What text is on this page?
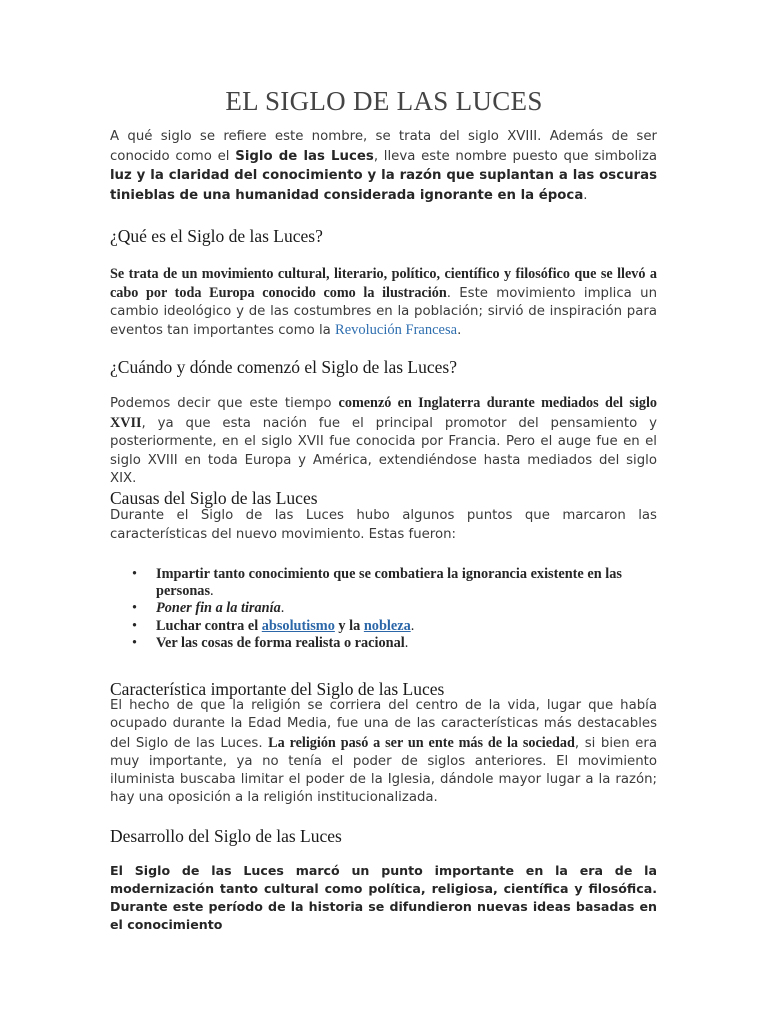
EL SIGLO DE LAS LUCES

A qué siglo se refiere este nombre, se trata del siglo XVIII. Además de ser conocido como el Siglo de las Luces, lleva este nombre puesto que simboliza luz y la claridad del conocimiento y la razón que suplantan a las oscuras tinieblas de una humanidad considerada ignorante en la época.

¿Qué es el Siglo de las Luces?

Se trata de un movimiento cultural, literario, político, científico y filosófico que se llevó a cabo por toda Europa conocido como la ilustración. Este movimiento implica un cambio ideológico y de las costumbres en la población; sirvió de inspiración para eventos tan importantes como la Revolución Francesa.

¿Cuándo y dónde comenzó el Siglo de las Luces?

Podemos decir que este tiempo comenzó en Inglaterra durante mediados del siglo XVII, ya que esta nación fue el principal promotor del pensamiento y posteriormente, en el siglo XVII fue conocida por Francia. Pero el auge fue en el siglo XVIII en toda Europa y América, extendiéndose hasta mediados del siglo XIX.

Causas del Siglo de las Luces

Durante el Siglo de las Luces hubo algunos puntos que marcaron las características del nuevo movimiento. Estas fueron:

• Impartir tanto conocimiento que se combatiera la ignorancia existente en las personas.
• Poner fin a la tiranía.
• Luchar contra el absolutismo y la nobleza.
• Ver las cosas de forma realista o racional.
Característica importante del Siglo de las Luces

El hecho de que la religión se corriera del centro de la vida, lugar que había ocupado durante la Edad Media, fue una de las características más destacables del Siglo de las Luces. La religión pasó a ser un ente más de la sociedad, si bien era muy importante, ya no tenía el poder de siglos anteriores. El movimiento iluminista buscaba limitar el poder de la Iglesia, dándole mayor lugar a la razón; hay una oposición a la religión institucionalizada.

Desarrollo del Siglo de las Luces

El Siglo de las Luces marcó un punto importante en la era de la modernización tanto cultural como política, religiosa, científica y filosófica. Durante este período de la historia se difundieron nuevas ideas basadas en el conocimiento
